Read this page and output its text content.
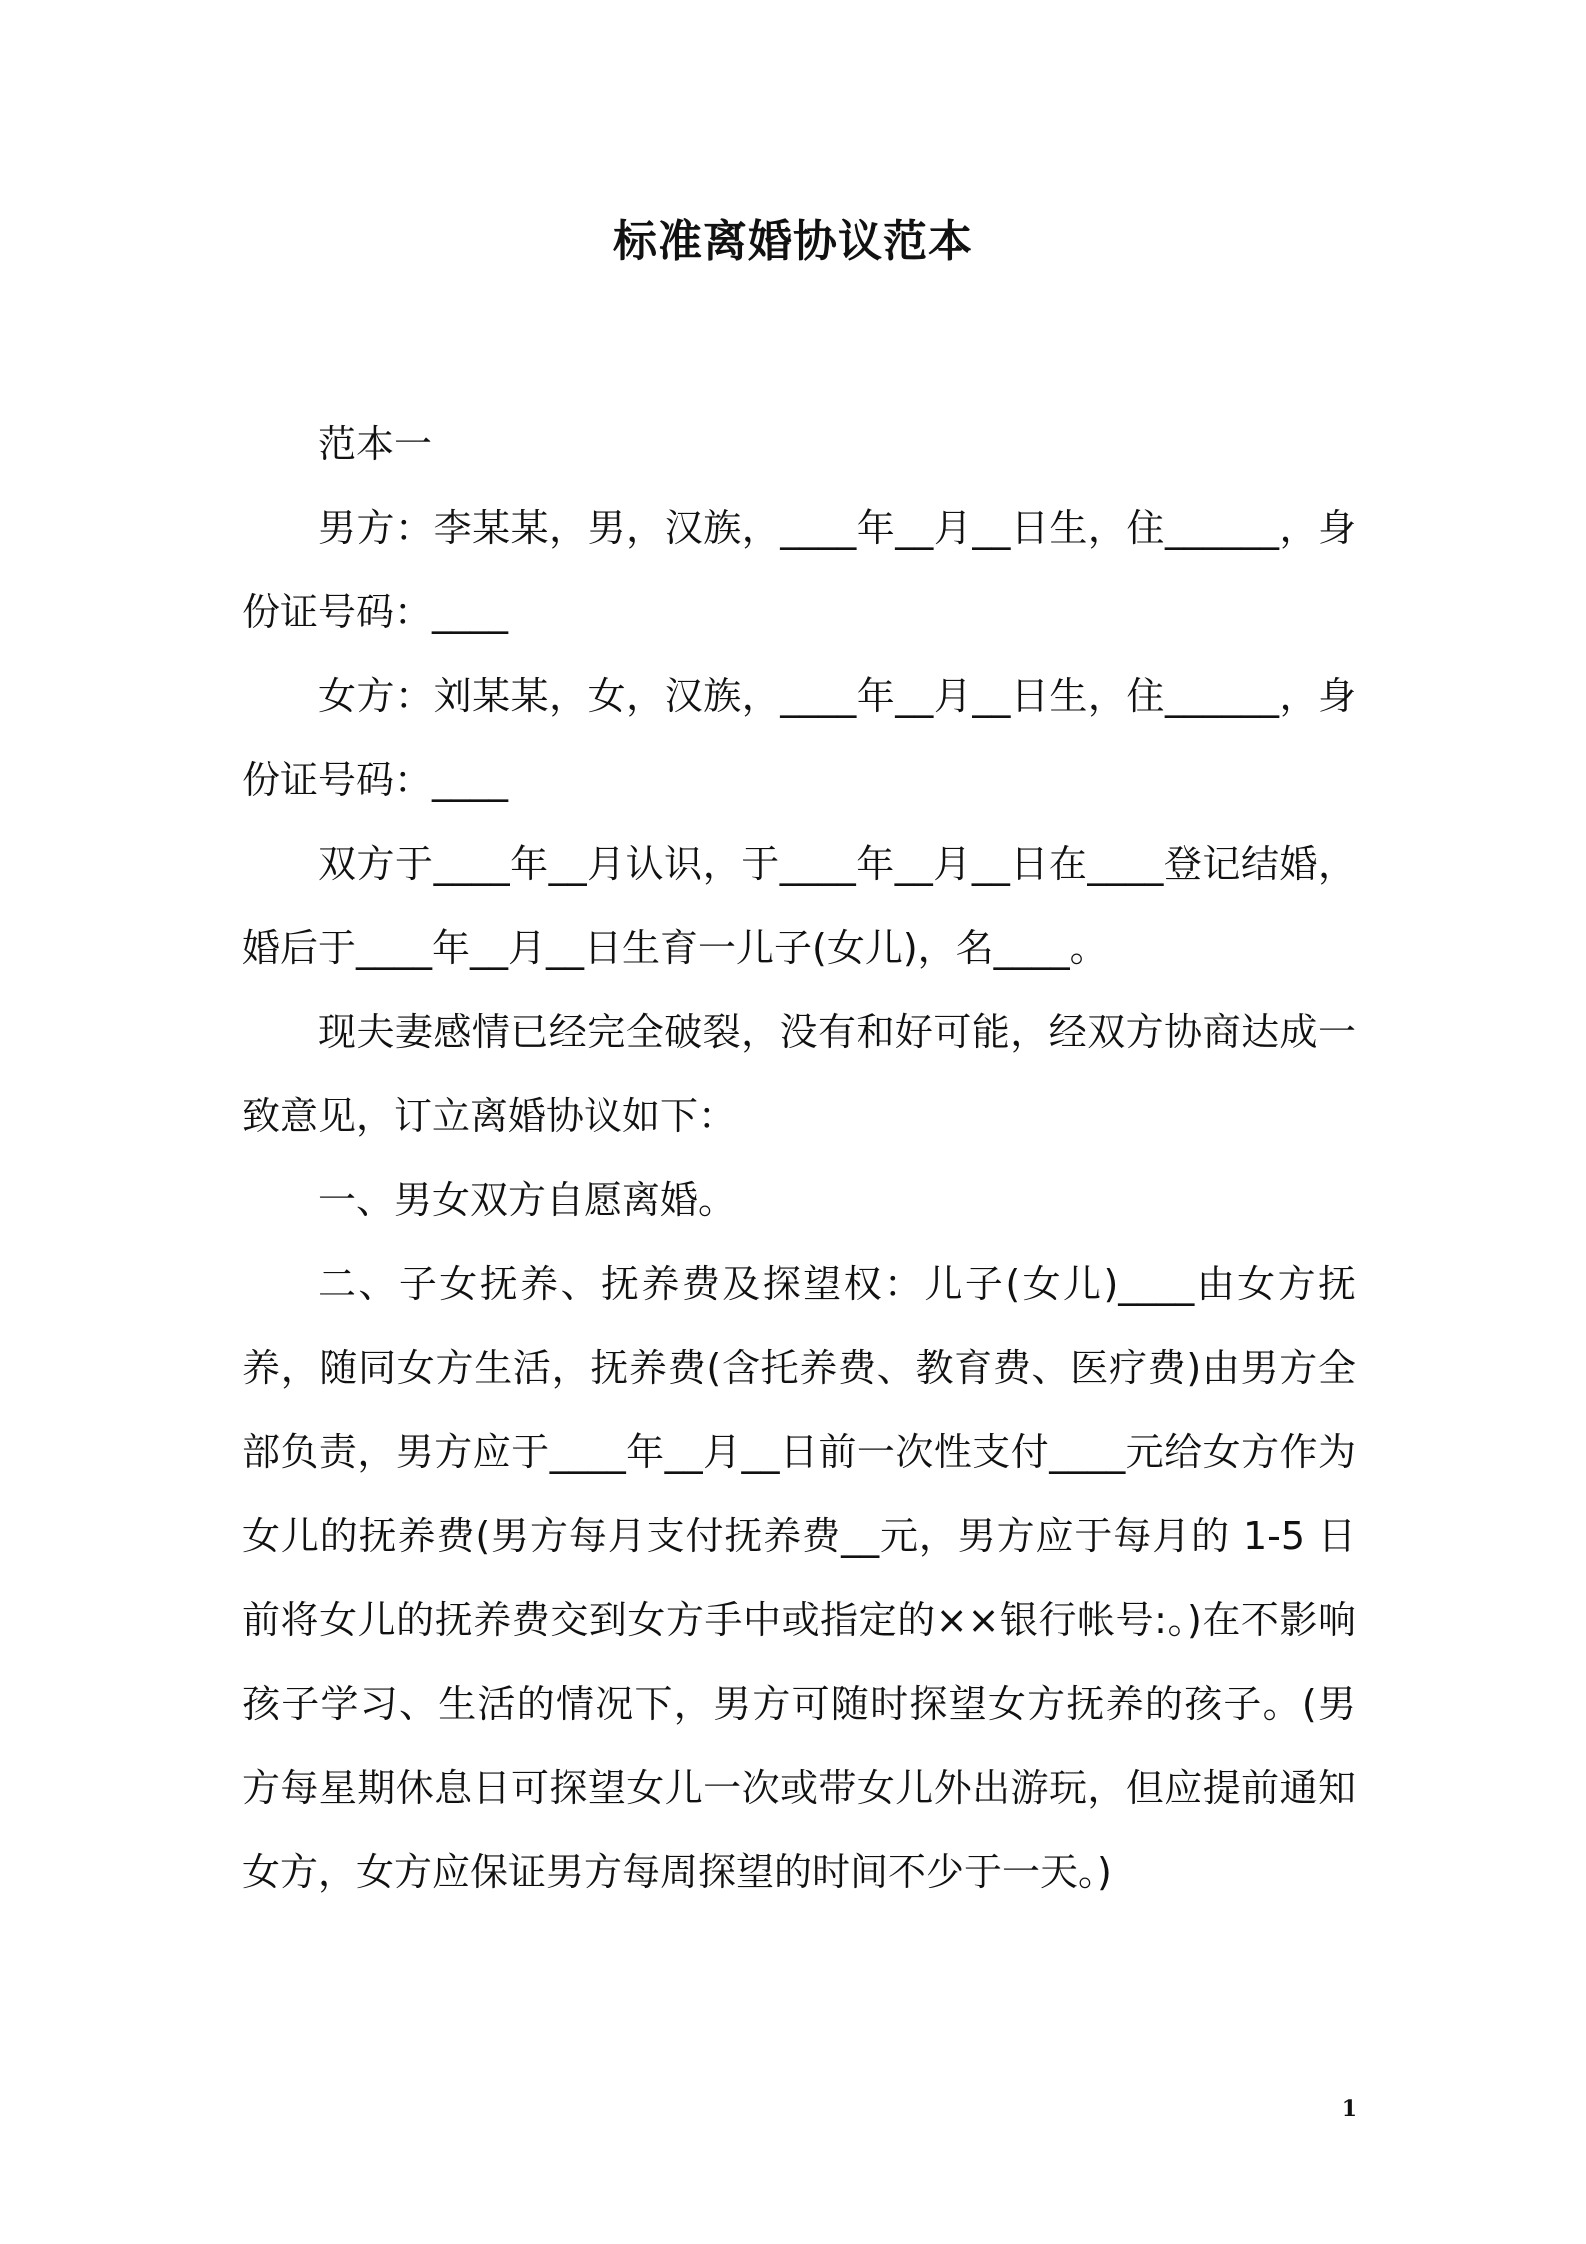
标准离婚协议范本

范本一

男方：李某某，男，汉族，____年__月__日生，住______，身份证号码：____

女方：刘某某，女，汉族，____年__月__日生，住______，身份证号码：____

双方于____年__月认识，于____年__月__日在____登记结婚，婚后于____年__月__日生育一儿子(女儿)，名____。

现夫妻感情已经完全破裂，没有和好可能，经双方协商达成一致意见，订立离婚协议如下：

一、男女双方自愿离婚。

二、子女抚养、抚养费及探望权：儿子(女儿)____由女方抚养，随同女方生活，抚养费(含托养费、教育费、医疗费)由男方全部负责，男方应于____年__月__日前一次性支付____元给女方作为女儿的抚养费(男方每月支付抚养费__元，男方应于每月的 1-5 日前将女儿的抚养费交到女方手中或指定的××银行帐号:。)在不影响孩子学习、生活的情况下，男方可随时探望女方抚养的孩子。(男方每星期休息日可探望女儿一次或带女儿外出游玩，但应提前通知女方，女方应保证男方每周探望的时间不少于一天。)

1
